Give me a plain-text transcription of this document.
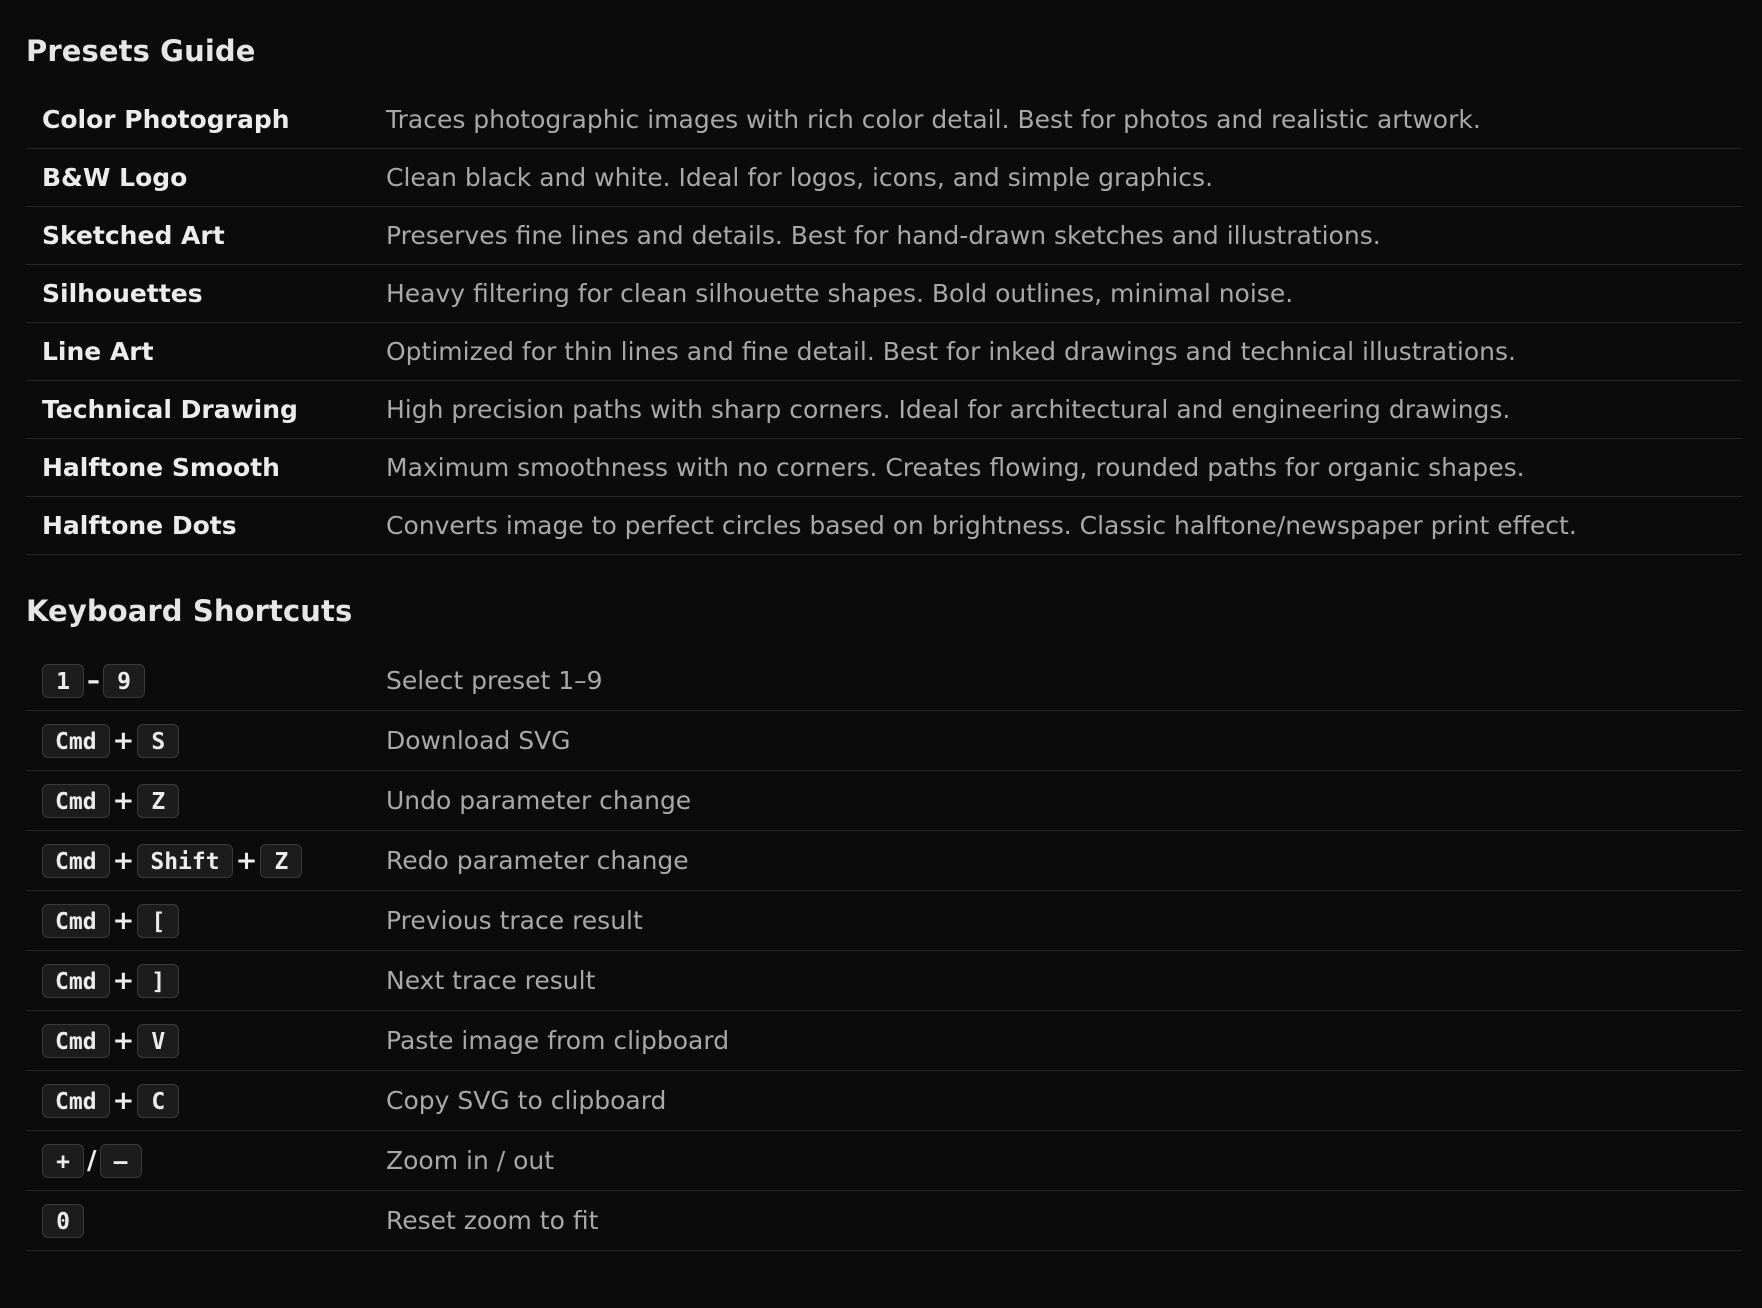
Presets Guide
Color Photograph	Traces photographic images with rich color detail. Best for photos and realistic artwork.
B&W Logo	Clean black and white. Ideal for logos, icons, and simple graphics.
Sketched Art	Preserves fine lines and details. Best for hand-drawn sketches and illustrations.
Silhouettes	Heavy filtering for clean silhouette shapes. Bold outlines, minimal noise.
Line Art	Optimized for thin lines and fine detail. Best for inked drawings and technical illustrations.
Technical Drawing	High precision paths with sharp corners. Ideal for architectural and engineering drawings.
Halftone Smooth	Maximum smoothness with no corners. Creates flowing, rounded paths for organic shapes.
Halftone Dots	Converts image to perfect circles based on brightness. Classic halftone/newspaper print effect.
Keyboard Shortcuts
1 – 9	Select preset 1–9
Cmd + S	Download SVG
Cmd + Z	Undo parameter change
Cmd + Shift + Z	Redo parameter change
Cmd + [	Previous trace result
Cmd + ]	Next trace result
Cmd + V	Paste image from clipboard
Cmd + C	Copy SVG to clipboard
+ / –	Zoom in / out
0	Reset zoom to fit
